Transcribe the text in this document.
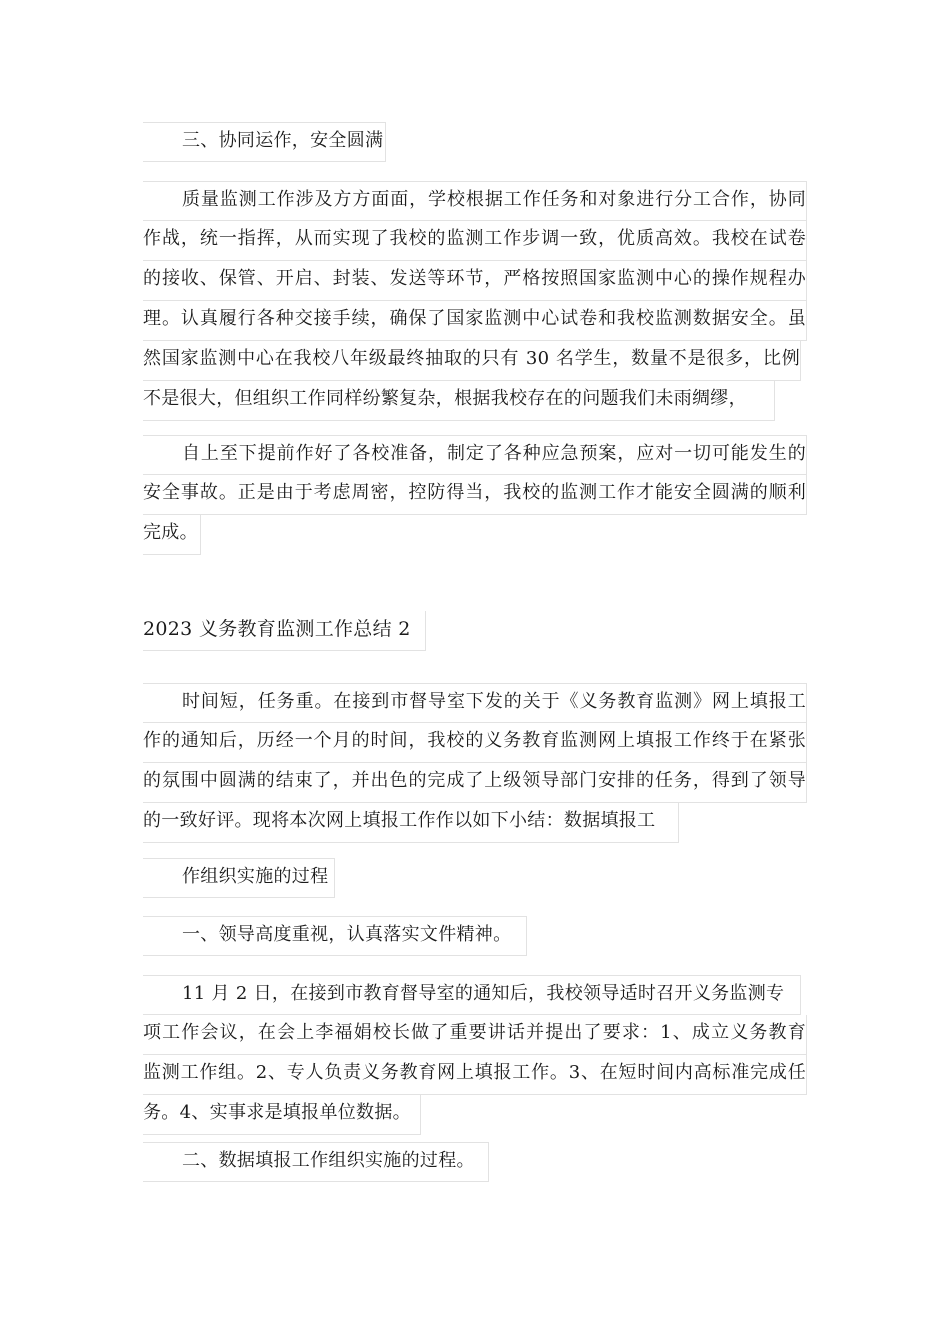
三、协同运作，安全圆满
质量监测工作涉及方方面面，学校根据工作任务和对象进行分工合作，协同
作战，统一指挥，从而实现了我校的监测工作步调一致，优质高效。我校在试卷
的接收、保管、开启、封装、发送等环节，严格按照国家监测中心的操作规程办
理。认真履行各种交接手续，确保了国家监测中心试卷和我校监测数据安全。虽
然国家监测中心在我校八年级最终抽取的只有 30 名学生，数量不是很多，比例
不是很大，但组织工作同样纷繁复杂，根据我校存在的问题我们未雨绸缪，
自上至下提前作好了各校准备，制定了各种应急预案，应对一切可能发生的
安全事故。正是由于考虑周密，控防得当，我校的监测工作才能安全圆满的顺利
完成。
2023 义务教育监测工作总结 2
时间短，任务重。在接到市督导室下发的关于《义务教育监测》网上填报工
作的通知后，历经一个月的时间，我校的义务教育监测网上填报工作终于在紧张
的氛围中圆满的结束了，并出色的完成了上级领导部门安排的任务，得到了领导
的一致好评。现将本次网上填报工作作以如下小结：数据填报工
作组织实施的过程
一、领导高度重视，认真落实文件精神。
11 月 2 日，在接到市教育督导室的通知后，我校领导适时召开义务监测专
项工作会议，在会上李福娟校长做了重要讲话并提出了要求：1、成立义务教育
监测工作组。2、专人负责义务教育网上填报工作。3、在短时间内高标准完成任
务。4、实事求是填报单位数据。
二、数据填报工作组织实施的过程。
